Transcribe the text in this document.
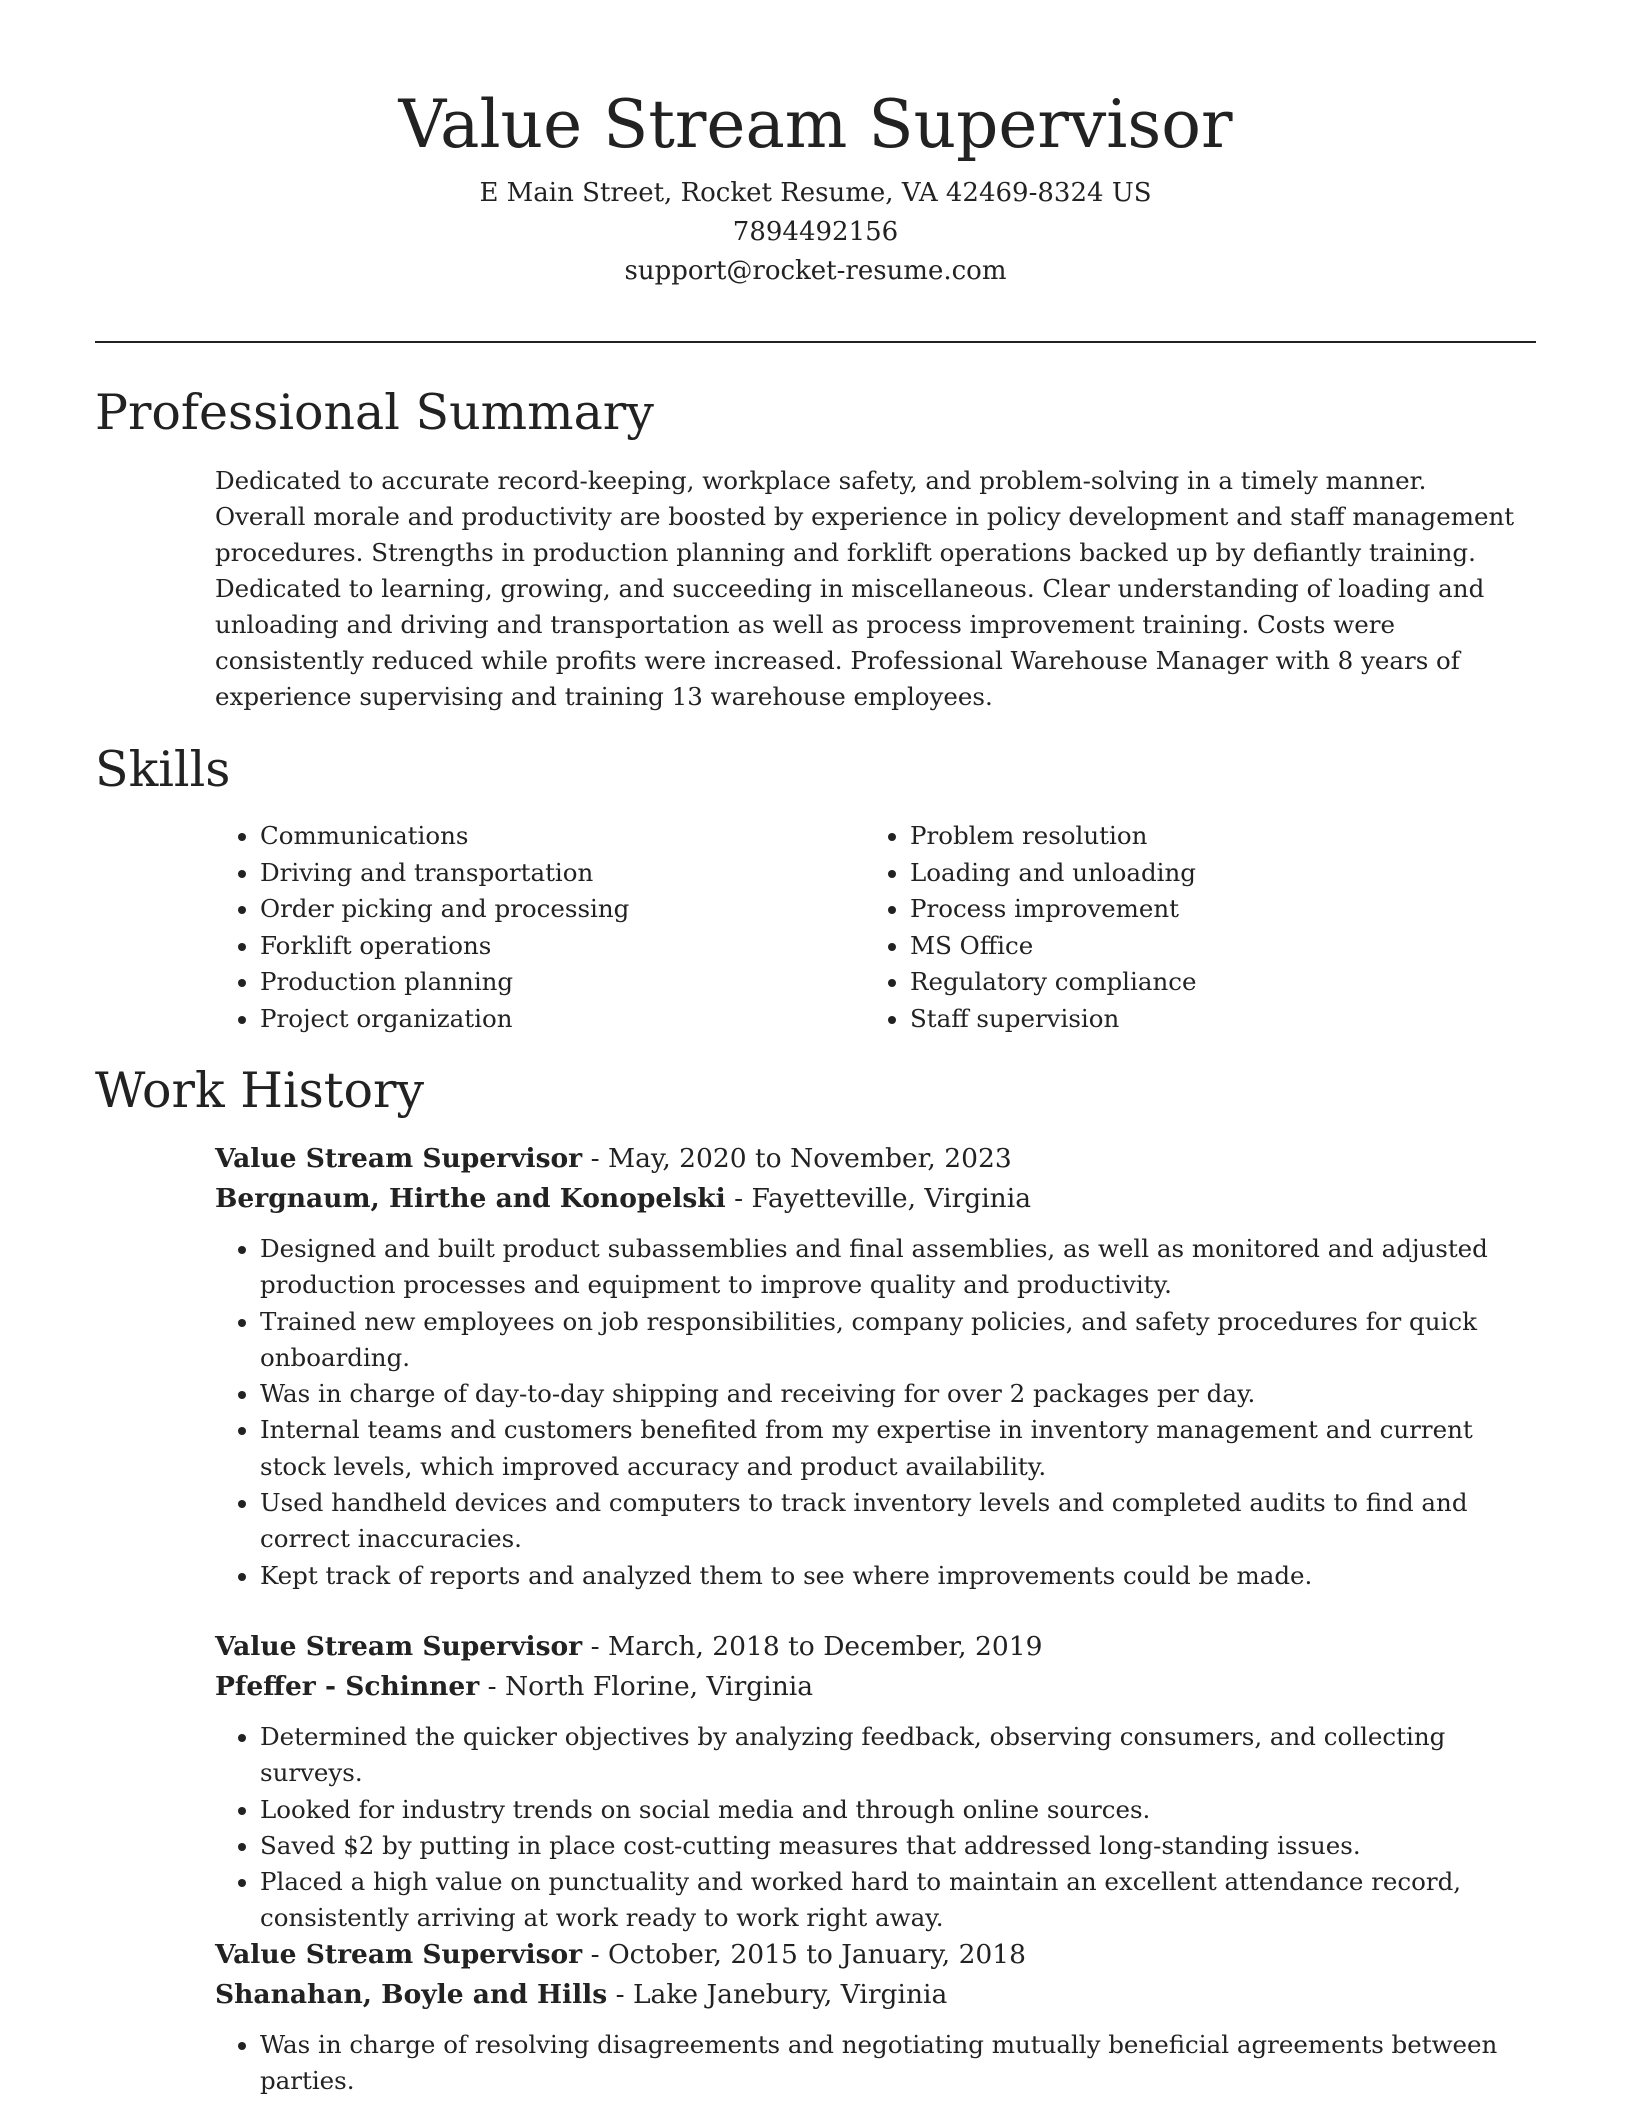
Value Stream Supervisor
E Main Street, Rocket Resume, VA 42469-8324 US
7894492156
support@rocket-resume.com
Professional Summary

Dedicated to accurate record-keeping, workplace safety, and problem-solving in a timely manner. Overall morale and productivity are boosted by experience in policy development and staff management procedures. Strengths in production planning and forklift operations backed up by defiantly training. Dedicated to learning, growing, and succeeding in miscellaneous. Clear understanding of loading and unloading and driving and transportation as well as process improvement training. Costs were consistently reduced while profits were increased. Professional Warehouse Manager with 8 years of experience supervising and training 13 warehouse employees.

Skills
• Communications
• Driving and transportation
• Order picking and processing
• Forklift operations
• Production planning
• Project organization
• Problem resolution
• Loading and unloading
• Process improvement
• MS Office
• Regulatory compliance
• Staff supervision
Work History
Value Stream Supervisor - May, 2020 to November, 2023
Bergnaum, Hirthe and Konopelski - Fayetteville, Virginia
• Designed and built product subassemblies and final assemblies, as well as monitored and adjusted production processes and equipment to improve quality and productivity.
• Trained new employees on job responsibilities, company policies, and safety procedures for quick onboarding.
• Was in charge of day-to-day shipping and receiving for over 2 packages per day.
• Internal teams and customers benefited from my expertise in inventory management and current stock levels, which improved accuracy and product availability.
• Used handheld devices and computers to track inventory levels and completed audits to find and correct inaccuracies.
• Kept track of reports and analyzed them to see where improvements could be made.
Value Stream Supervisor - March, 2018 to December, 2019
Pfeffer - Schinner - North Florine, Virginia
• Determined the quicker objectives by analyzing feedback, observing consumers, and collecting surveys.
• Looked for industry trends on social media and through online sources.
• Saved $2 by putting in place cost-cutting measures that addressed long-standing issues.
• Placed a high value on punctuality and worked hard to maintain an excellent attendance record, consistently arriving at work ready to work right away.
Value Stream Supervisor - October, 2015 to January, 2018
Shanahan, Boyle and Hills - Lake Janebury, Virginia
• Was in charge of resolving disagreements and negotiating mutually beneficial agreements between parties.
